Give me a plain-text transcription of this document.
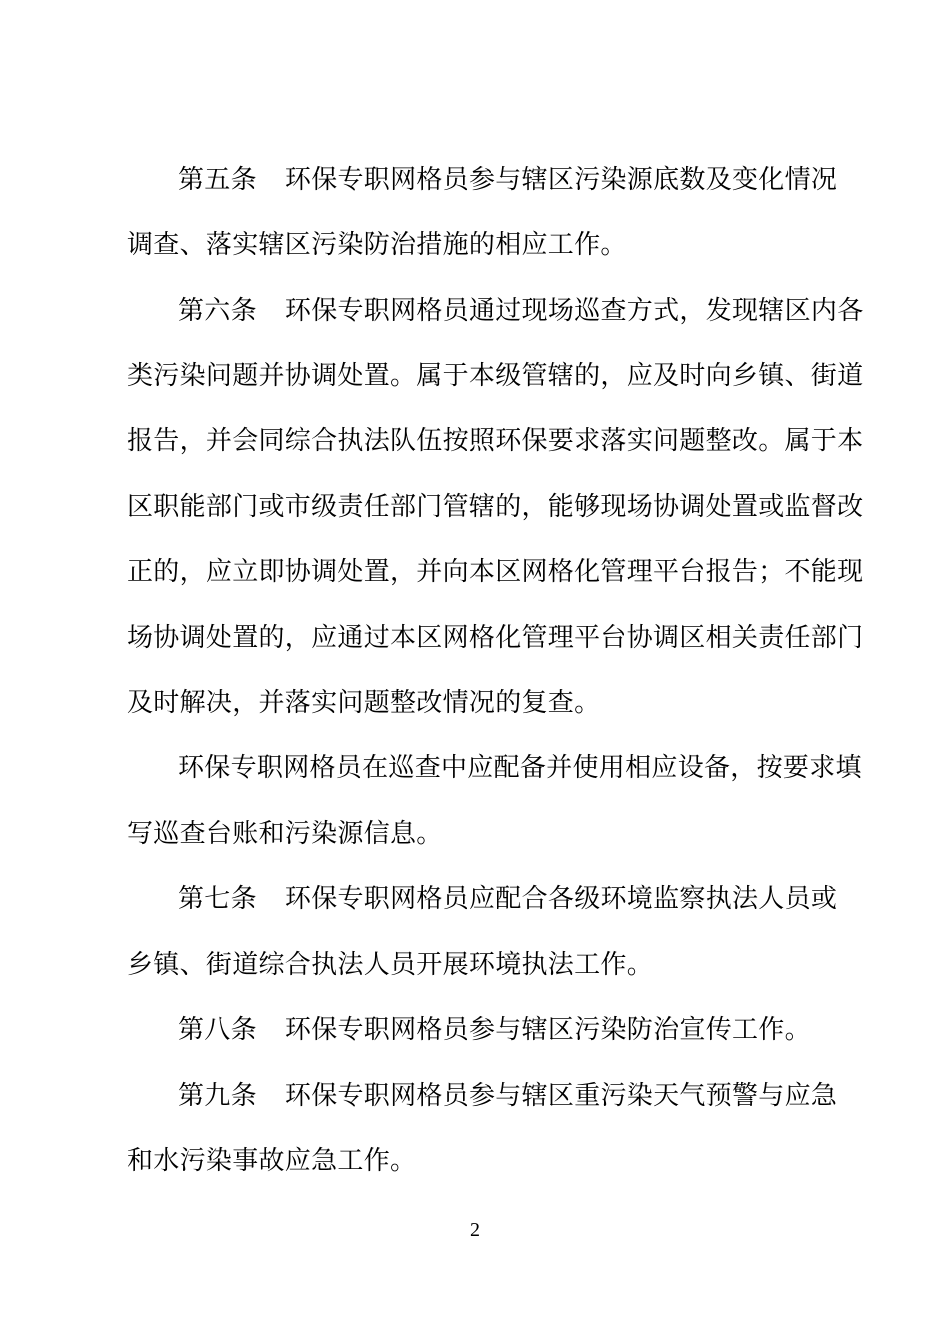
第五条 环保专职网格员参与辖区污染源底数及变化情况
调查、落实辖区污染防治措施的相应工作。
第六条 环保专职网格员通过现场巡查方式，发现辖区内各
类污染问题并协调处置。属于本级管辖的，应及时向乡镇、街道
报告，并会同综合执法队伍按照环保要求落实问题整改。属于本
区职能部门或市级责任部门管辖的，能够现场协调处置或监督改
正的，应立即协调处置，并向本区网格化管理平台报告；不能现
场协调处置的，应通过本区网格化管理平台协调区相关责任部门
及时解决，并落实问题整改情况的复查。
环保专职网格员在巡查中应配备并使用相应设备，按要求填
写巡查台账和污染源信息。
第七条 环保专职网格员应配合各级环境监察执法人员或
乡镇、街道综合执法人员开展环境执法工作。
第八条 环保专职网格员参与辖区污染防治宣传工作。
第九条 环保专职网格员参与辖区重污染天气预警与应急
和水污染事故应急工作。
2
